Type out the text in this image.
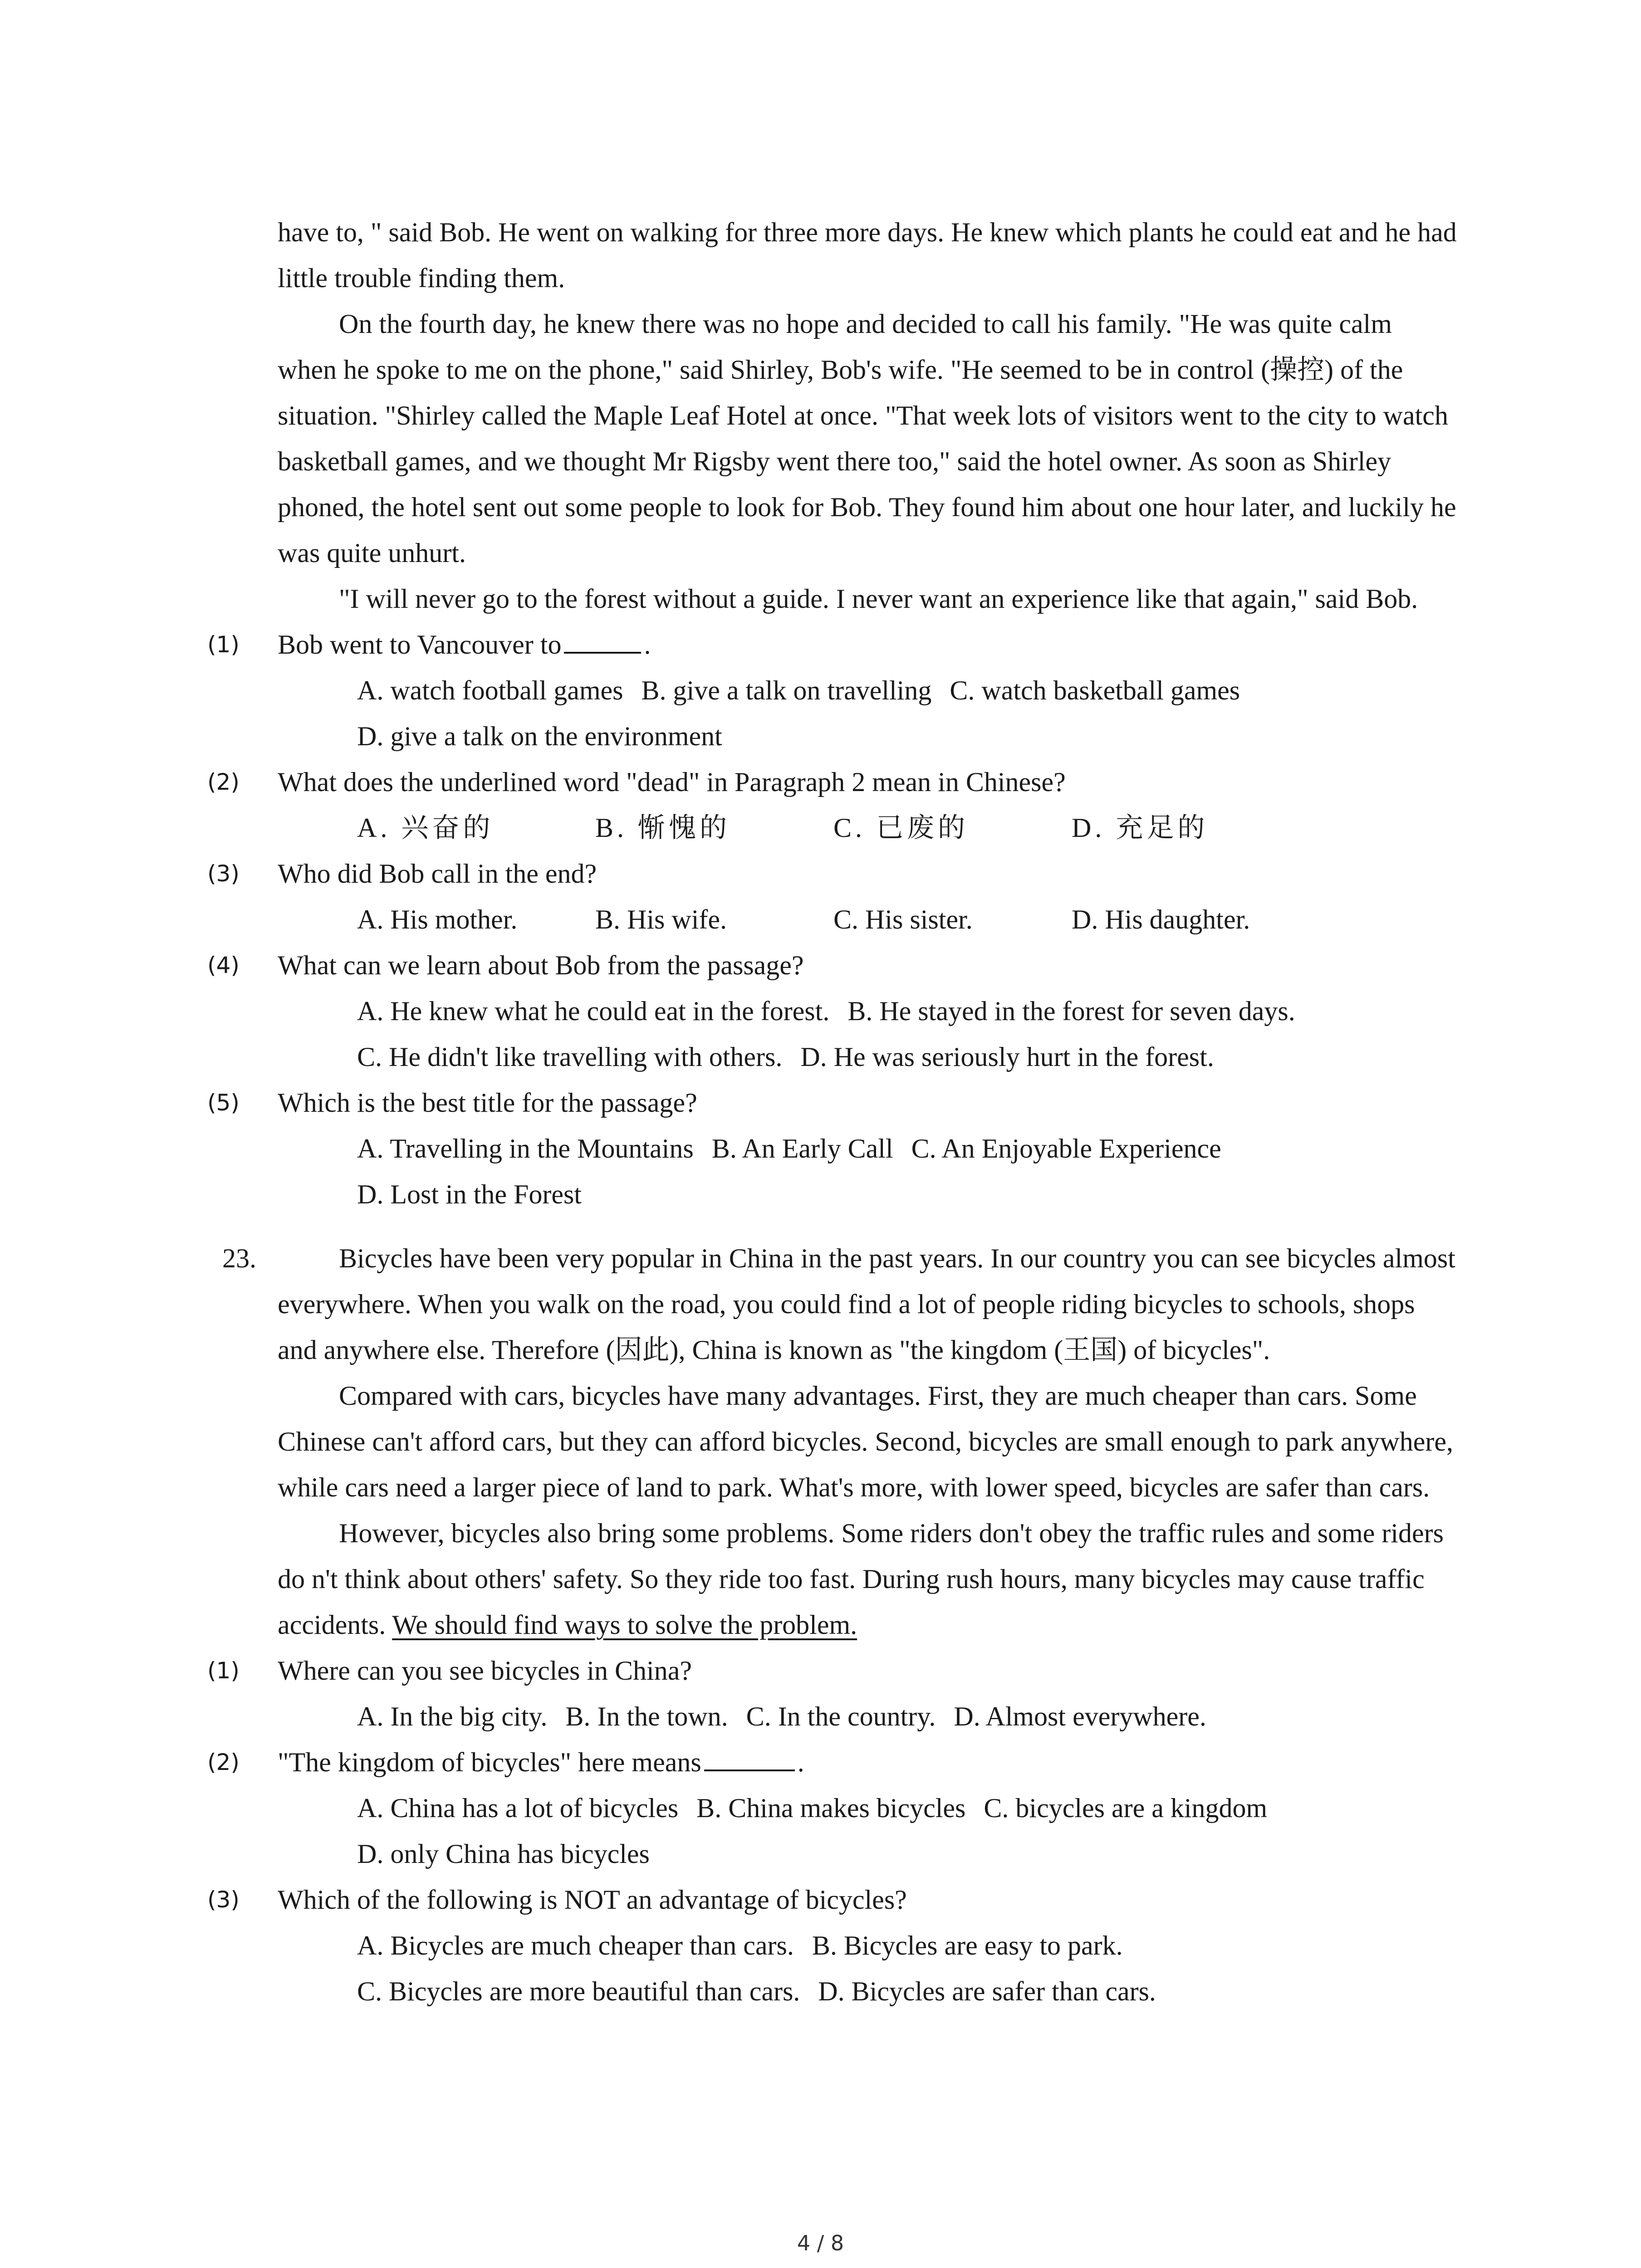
have to, " said Bob. He went on walking for three more days. He knew which plants he could eat and he had little trouble finding them.

On the fourth day, he knew there was no hope and decided to call his family. "He was quite calm when he spoke to me on the phone," said Shirley, Bob's wife. "He seemed to be in control (操控) of the situation. "Shirley called the Maple Leaf Hotel at once. "That week lots of visitors went to the city to watch basketball games, and we thought Mr Rigsby went there too," said the hotel owner. As soon as Shirley phoned, the hotel sent out some people to look for Bob. They found him about one hour later, and luckily he was quite unhurt.

"I will never go to the forest without a guide. I never want an experience like that again," said Bob.

(1)	Bob went to Vancouver to	.
A. watch football games B. give a talk on travelling C. watch basketball games
D. give a talk on the environment
(2)	What does the underlined word "dead" in Paragraph 2 mean in Chinese?
A. 兴奋的	B. 惭愧的	C. 已废的	D. 充足的
(3)	Who did Bob call in the end?
A. His mother.	B. His wife.	C. His sister.	D. His daughter.
(4)	What can we learn about Bob from the passage?
A. He knew what he could eat in the forest. B. He stayed in the forest for seven days.
C. He didn't like travelling with others. D. He was seriously hurt in the forest.
(5)	Which is the best title for the passage?
A. Travelling in the Mountains B. An Early Call C. An Enjoyable Experience
D. Lost in the Forest
23.	Bicycles have been very popular in China in the past years. In our country you can see bicycles almost everywhere. When you walk on the road, you could find a lot of people riding bicycles to schools, shops and anywhere else. Therefore (因此), China is known as "the kingdom (王国) of bicycles".

Compared with cars, bicycles have many advantages. First, they are much cheaper than cars. Some Chinese can't afford cars, but they can afford bicycles. Second, bicycles are small enough to park anywhere, while cars need a larger piece of land to park. What's more, with lower speed, bicycles are safer than cars.

However, bicycles also bring some problems. Some riders don't obey the traffic rules and some riders do n't think about others' safety. So they ride too fast. During rush hours, many bicycles may cause traffic accidents. We should find ways to solve the problem.

(1)	Where can you see bicycles in China?
A. In the big city. B. In the town. C. In the country. D. Almost everywhere.
(2)	"The kingdom of bicycles" here means	.
A. China has a lot of bicycles B. China makes bicycles C. bicycles are a kingdom
D. only China has bicycles
(3)	Which of the following is NOT an advantage of bicycles?
A. Bicycles are much cheaper than cars. B. Bicycles are easy to park.
C. Bicycles are more beautiful than cars. D. Bicycles are safer than cars.
4 / 8
